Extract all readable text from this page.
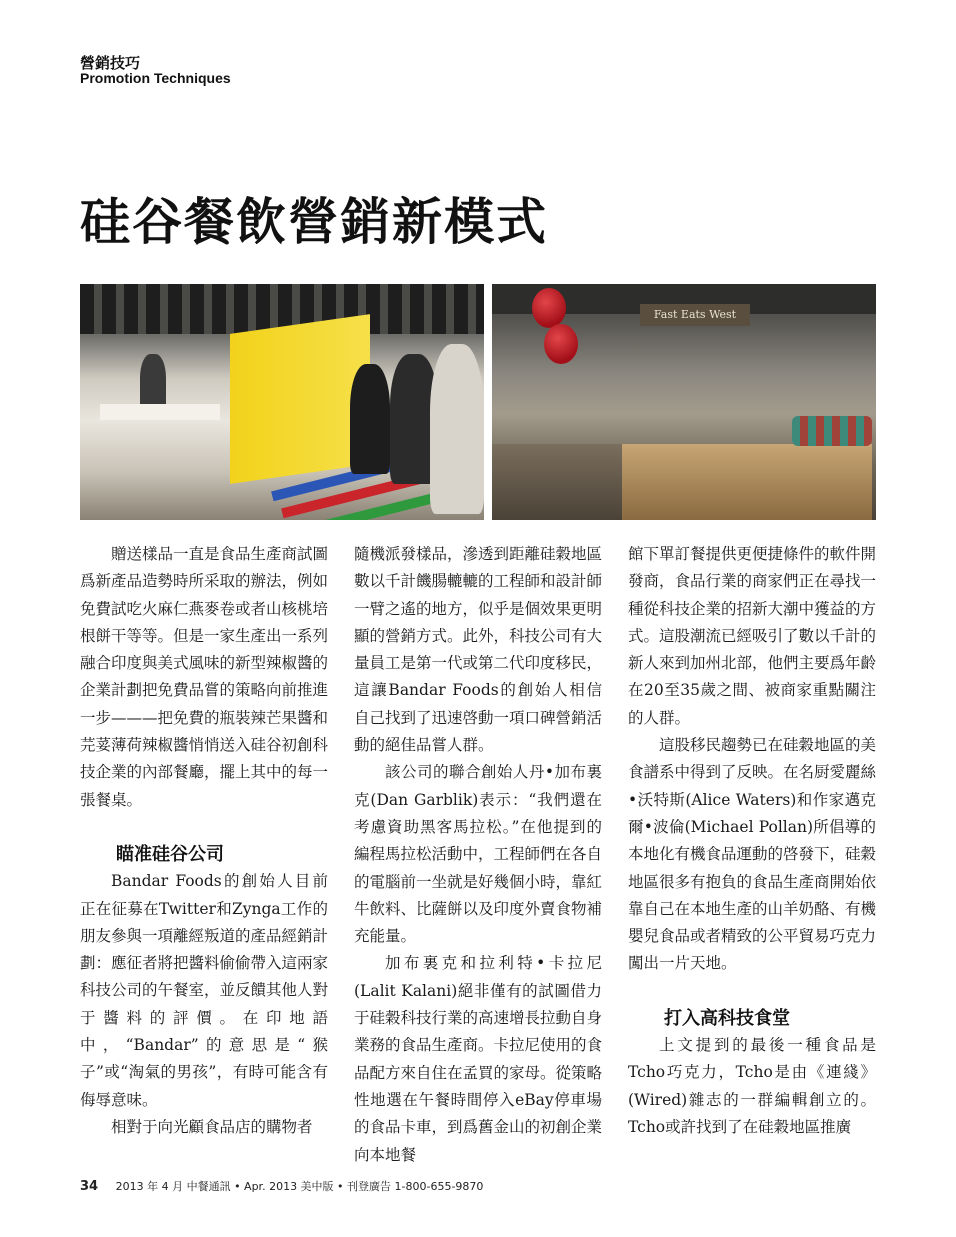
營銷技巧
Promotion Techniques
硅谷餐飲營銷新模式
Fast Eats West

贈送樣品一直是食品生產商試圖爲新產品造勢時所采取的辦法，例如免費試吃火麻仁燕麥卷或者山核桃培根餅干等等。但是一家生產出一系列融合印度與美式風味的新型辣椒醬的企業計劃把免費品嘗的策略向前推進一步———把免費的瓶裝辣芒果醬和芫荽薄荷辣椒醬悄悄送入硅谷初創科技企業的內部餐廳，擺上其中的每一張餐桌。

瞄准硅谷公司

Bandar Foods的創始人目前正在征募在Twitter和Zynga工作的朋友參與一項離經叛道的產品經銷計劃：應征者將把醬料偷偷帶入這兩家科技公司的午餐室，並反饋其他人對于醬料的評價。在印地語中，“Bandar”的意思是“猴子”或“淘氣的男孩”，有時可能含有侮辱意味。

相對于向光顧食品店的購物者

隨機派發樣品，滲透到距離硅穀地區數以千計饑腸轆轆的工程師和設計師一臂之遙的地方，似乎是個效果更明顯的營銷方式。此外，科技公司有大量員工是第一代或第二代印度移民，這讓Bandar Foods的創始人相信自己找到了迅速啓動一項口碑營銷活動的絕佳品嘗人群。

該公司的聯合創始人丹•加布裏克(Dan Garblik)表示：“我們還在考慮資助黑客馬拉松。”在他提到的編程馬拉松活動中，工程師們在各自的電腦前一坐就是好幾個小時，靠紅牛飲料、比薩餅以及印度外賣食物補充能量。

加布裏克和拉利特•卡拉尼(Lalit Kalani)絕非僅有的試圖借力于硅穀科技行業的高速增長拉動自身業務的食品生產商。卡拉尼使用的食品配方來自住在孟買的家母。從策略性地選在午餐時間停入eBay停車場的食品卡車，到爲舊金山的初創企業向本地餐

館下單訂餐提供更便捷條件的軟件開發商，食品行業的商家們正在尋找一種從科技企業的招新大潮中獲益的方式。這股潮流已經吸引了數以千計的新人來到加州北部，他們主要爲年齡在20至35歲之間、被商家重點關注的人群。

這股移民趨勢已在硅穀地區的美食譜系中得到了反映。在名厨愛麗絲•沃特斯(Alice Waters)和作家邁克爾•波倫(Michael Pollan)所倡導的本地化有機食品運動的啓發下，硅穀地區很多有抱負的食品生產商開始依靠自己在本地生產的山羊奶酪、有機嬰兒食品或者精致的公平貿易巧克力闖出一片天地。

打入高科技食堂

上文提到的最後一種食品是Tcho巧克力，Tcho是由《連綫》(Wired)雜志的一群編輯創立的。Tcho或許找到了在硅穀地區推廣

34 2013 年 4 月 中餐通訊 • Apr. 2013 美中版 • 刊登廣告 1-800-655-9870
